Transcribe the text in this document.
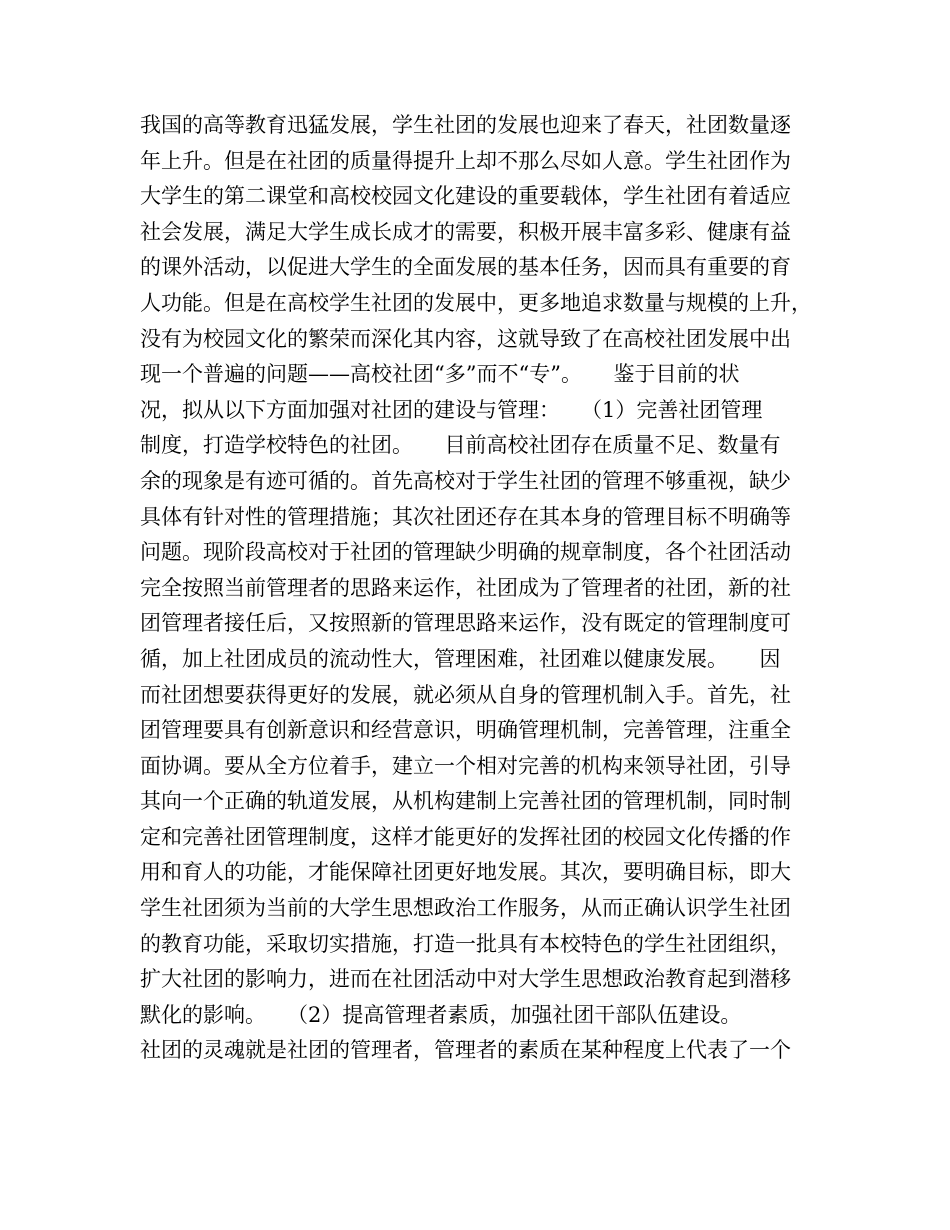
我国的高等教育迅猛发展，学生社团的发展也迎来了春天，社团数量逐
年上升。但是在社团的质量得提升上却不那么尽如人意。学生社团作为
大学生的第二课堂和高校校园文化建设的重要载体，学生社团有着适应
社会发展，满足大学生成长成才的需要，积极开展丰富多彩、健康有益
的课外活动，以促进大学生的全面发展的基本任务，因而具有重要的育
人功能。但是在高校学生社团的发展中，更多地追求数量与规模的上升，
没有为校园文化的繁荣而深化其内容，这就导致了在高校社团发展中出
现一个普遍的问题——高校社团“多”而不“专”。　　鉴于目前的状
况，拟从以下方面加强对社团的建设与管理：　　（1）完善社团管理
制度，打造学校特色的社团。　　目前高校社团存在质量不足、数量有
余的现象是有迹可循的。首先高校对于学生社团的管理不够重视，缺少
具体有针对性的管理措施；其次社团还存在其本身的管理目标不明确等
问题。现阶段高校对于社团的管理缺少明确的规章制度，各个社团活动
完全按照当前管理者的思路来运作，社团成为了管理者的社团，新的社
团管理者接任后，又按照新的管理思路来运作，没有既定的管理制度可
循，加上社团成员的流动性大，管理困难，社团难以健康发展。　　因
而社团想要获得更好的发展，就必须从自身的管理机制入手。首先，社
团管理要具有创新意识和经营意识，明确管理机制，完善管理，注重全
面协调。要从全方位着手，建立一个相对完善的机构来领导社团，引导
其向一个正确的轨道发展，从机构建制上完善社团的管理机制，同时制
定和完善社团管理制度，这样才能更好的发挥社团的校园文化传播的作
用和育人的功能，才能保障社团更好地发展。其次，要明确目标，即大
学生社团须为当前的大学生思想政治工作服务，从而正确认识学生社团
的教育功能，采取切实措施，打造一批具有本校特色的学生社团组织，
扩大社团的影响力，进而在社团活动中对大学生思想政治教育起到潜移
默化的影响。　　（2）提高管理者素质，加强社团干部队伍建设。
社团的灵魂就是社团的管理者，管理者的素质在某种程度上代表了一个
